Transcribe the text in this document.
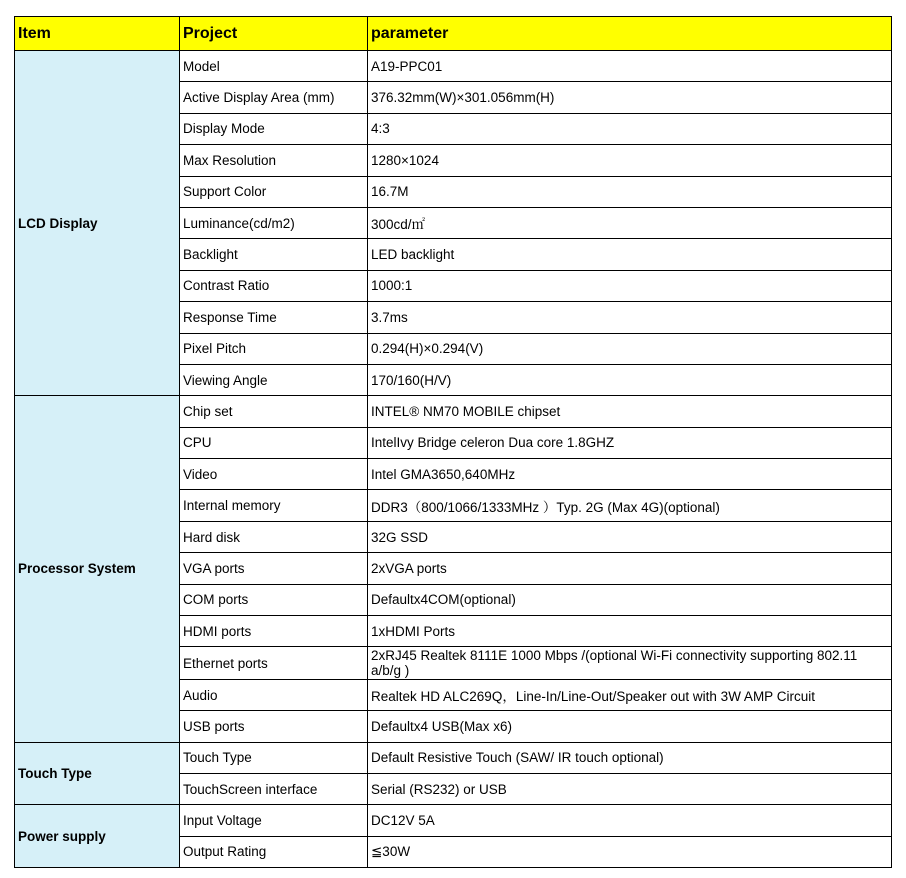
Item	Project	parameter
LCD Display	Model	A19-PPC01
	Active Display Area (mm)	376.32mm(W)×301.056mm(H)
	Display Mode	4:3
	Max Resolution	1280×1024
	Support Color	16.7M
	Luminance(cd/m2)	300cd/㎡
	Backlight	LED backlight
	Contrast Ratio	1000:1
	Response Time	3.7ms
	Pixel Pitch	0.294(H)×0.294(V)
	Viewing Angle	170/160(H/V)
Processor System	Chip set	INTEL® NM70 MOBILE chipset
	CPU	IntelIvy Bridge celeron Dua core 1.8GHZ
	Video	Intel GMA3650,640MHz
	Internal memory	DDR3（800/1066/1333MHz ）Typ. 2G (Max 4G)(optional)
	Hard disk	32G SSD
	VGA ports	2xVGA ports
	COM ports	Defaultx4COM(optional)
	HDMI ports	1xHDMI Ports
	Ethernet ports	2xRJ45 Realtek 8111E 1000 Mbps /(optional Wi-Fi connectivity supporting 802.11 a/b/g )
	Audio	Realtek HD ALC269Q，Line-In/Line-Out/Speaker out with 3W AMP Circuit
	USB ports	Defaultx4 USB(Max x6)
Touch Type	Touch Type	Default Resistive Touch (SAW/ IR touch optional)
	TouchScreen interface	Serial (RS232) or USB
Power supply	Input Voltage	DC12V 5A
	Output Rating	≦30W
